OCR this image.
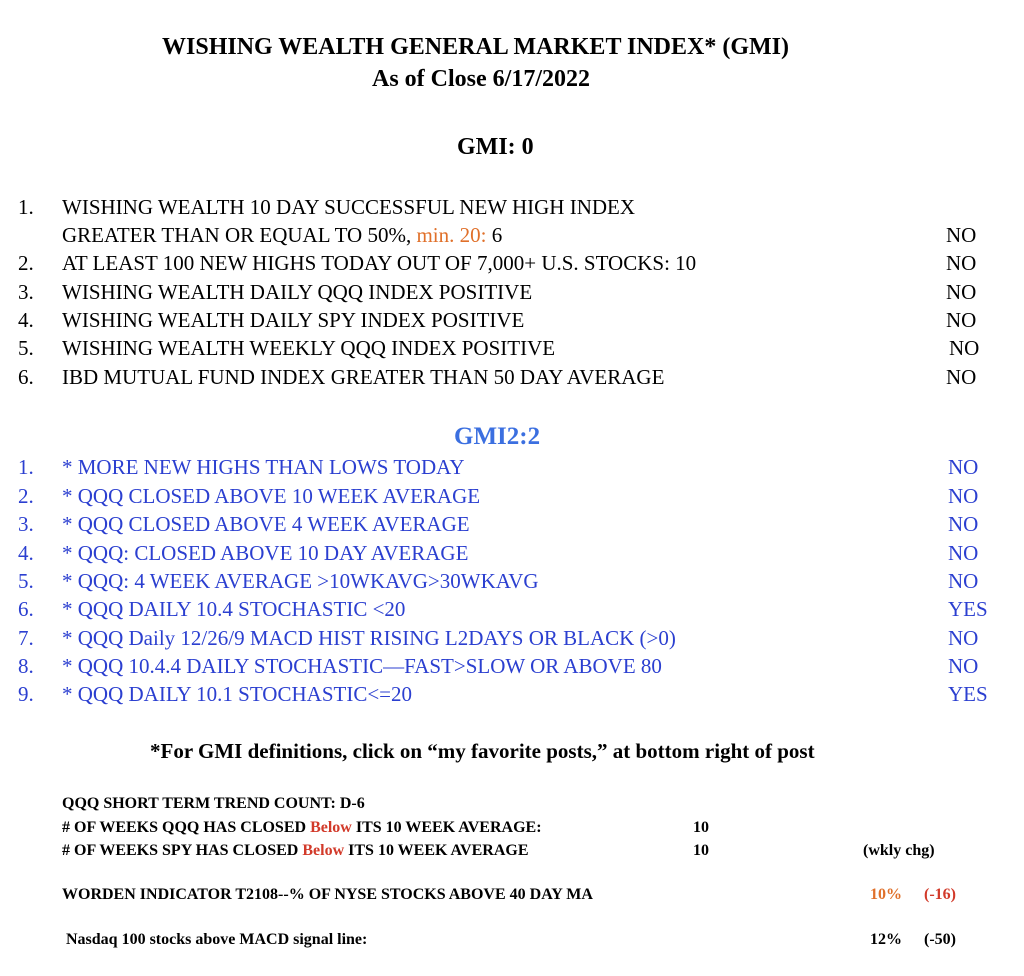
WISHING WEALTH GENERAL MARKET INDEX* (GMI)
As of Close 6/17/2022
GMI: 0
1. WISHING WEALTH 10 DAY SUCCESSFUL NEW HIGH INDEX
GREATER THAN OR EQUAL TO 50%, min. 20: 6	NO
2. AT LEAST 100 NEW HIGHS TODAY OUT OF 7,000+ U.S. STOCKS: 10	NO
3. WISHING WEALTH DAILY QQQ INDEX POSITIVE	NO
4. WISHING WEALTH DAILY SPY INDEX POSITIVE	NO
5. WISHING WEALTH WEEKLY QQQ INDEX POSITIVE	NO
6. IBD MUTUAL FUND INDEX GREATER THAN 50 DAY AVERAGE	NO
GMI2:2
1. * MORE NEW HIGHS THAN LOWS TODAY	NO
2. * QQQ CLOSED ABOVE 10 WEEK AVERAGE	NO
3. * QQQ CLOSED ABOVE 4 WEEK AVERAGE	NO
4. * QQQ: CLOSED ABOVE 10 DAY AVERAGE	NO
5. * QQQ: 4 WEEK AVERAGE >10WKAVG>30WKAVG	NO
6. * QQQ DAILY 10.4 STOCHASTIC <20	YES
7. * QQQ Daily 12/26/9 MACD HIST RISING L2DAYS OR BLACK (>0)	NO
8. * QQQ 10.4.4 DAILY STOCHASTIC—FAST>SLOW OR ABOVE 80	NO
9. * QQQ DAILY 10.1 STOCHASTIC<=20	YES
*For GMI definitions, click on “my favorite posts,” at bottom right of post
QQQ SHORT TERM TREND COUNT: D-6
# OF WEEKS QQQ HAS CLOSED Below ITS 10 WEEK AVERAGE:	10
# OF WEEKS SPY HAS CLOSED Below ITS 10 WEEK AVERAGE	10	(wkly chg)
WORDEN INDICATOR T2108--% OF NYSE STOCKS ABOVE 40 DAY MA	10% (-16)
Nasdaq 100 stocks above MACD signal line:	12% (-50)
